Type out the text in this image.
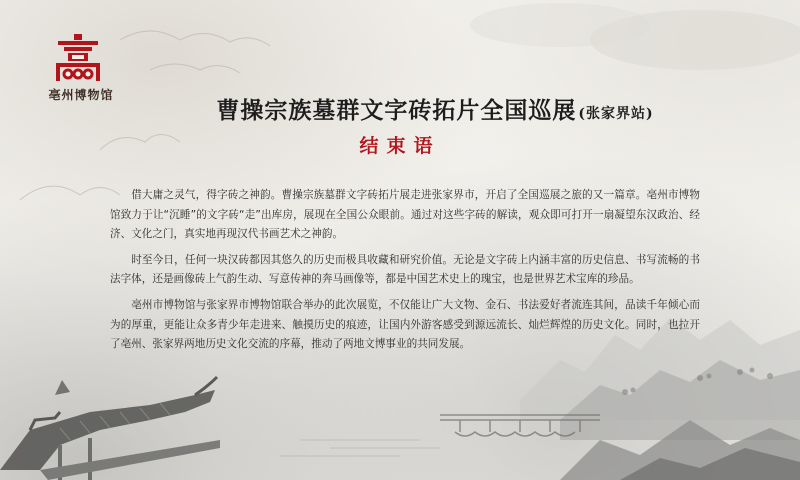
亳州博物馆
曹操宗族墓群文字砖拓片全国巡展 (张家界站)
结束语

借大庸之灵气，得字砖之神韵。曹操宗族墓群文字砖拓片展走进张家界市，开启了全国巡展之旅的又一篇章。亳州市博物馆致力于让“沉睡”的文字砖“走”出库房，展现在全国公众眼前。通过对这些字砖的解读，观众即可打开一扇凝望东汉政治、经济、文化之门，真实地再现汉代书画艺术之神韵。

时至今日，任何一块汉砖都因其悠久的历史而极具收藏和研究价值。无论是文字砖上内涵丰富的历史信息、书写流畅的书法字体，还是画像砖上气韵生动、写意传神的奔马画像等，都是中国艺术史上的瑰宝，也是世界艺术宝库的珍品。

亳州市博物馆与张家界市博物馆联合举办的此次展览，不仅能让广大文物、金石、书法爱好者流连其间，品读千年倾心而为的厚重，更能让众多青少年走进来、触摸历史的痕迹，让国内外游客感受到源远流长、灿烂辉煌的历史文化。同时，也拉开了亳州、张家界两地历史文化交流的序幕，推动了两地文博事业的共同发展。
